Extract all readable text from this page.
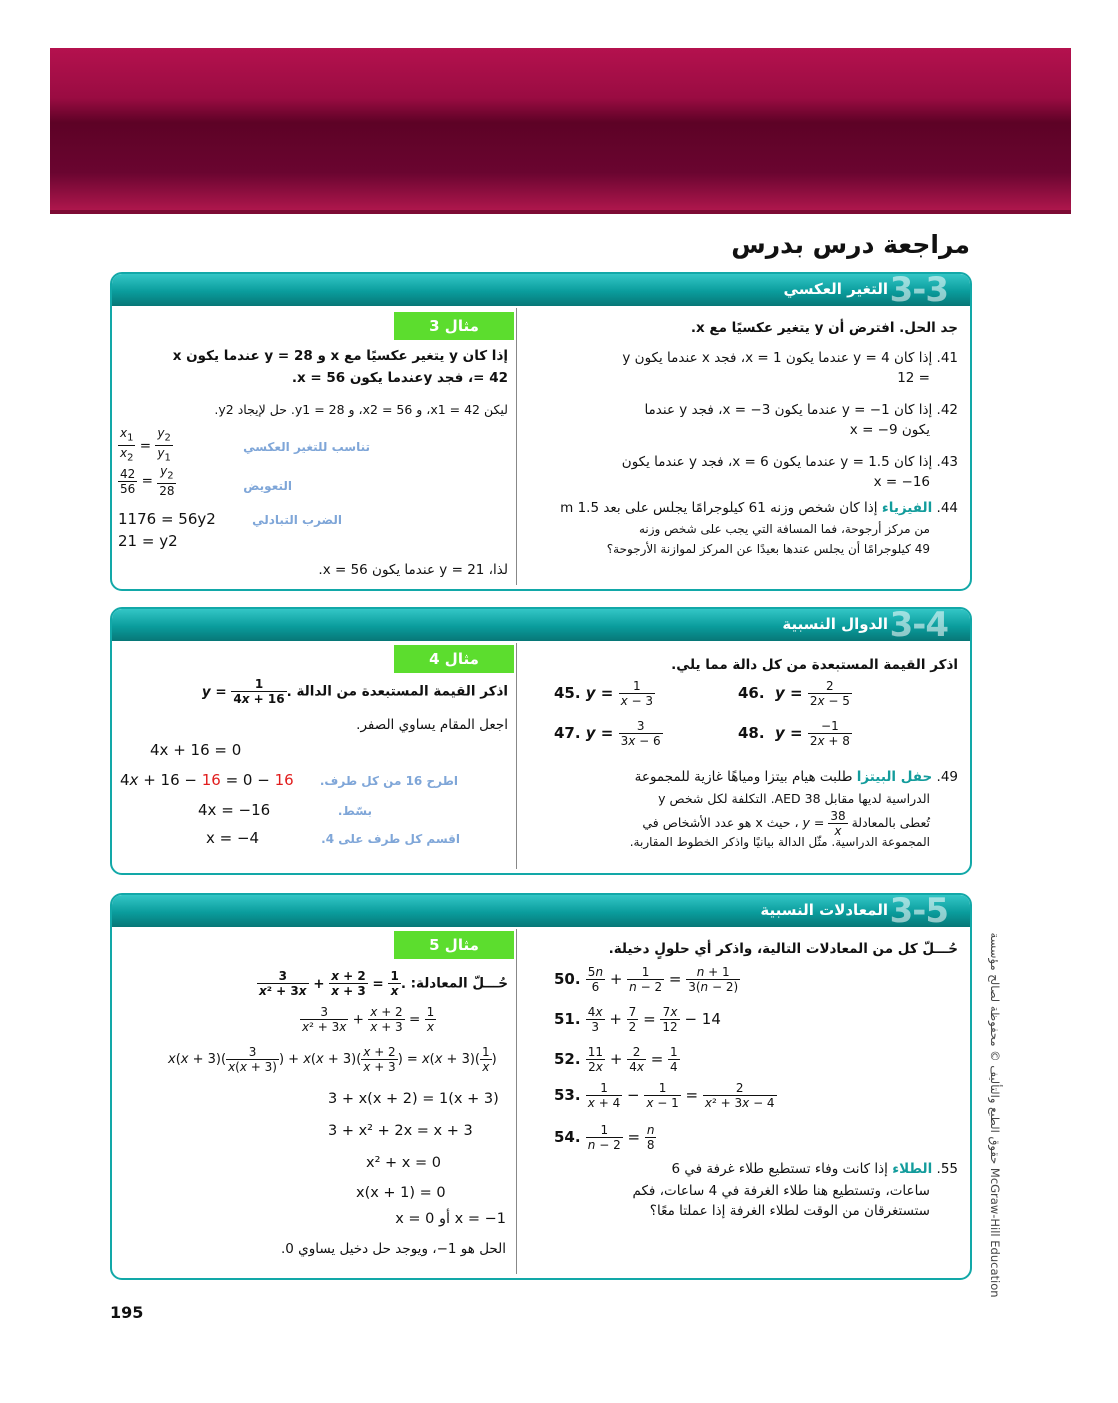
مراجعة درس بدرس
3-3
التغير العكسي
مثال 3
إذا كان y يتغير عكسيًا مع x و 28 = y عندما يكون x
42 =، فجد yعندما يكون x = 56.
ليكن 42 = x1، و 56 = x2، و 28 = y1. حل لإيجاد y2.
$\frac{x_1}{x_2} = \frac{y_2}{y_1}$	تناسب للتغير العكسي
$\frac{42}{56} = \frac{y_2}{28}$	التعويض
1176 = 56y2	الضرب التبادلي
21 = y2
لذا، 21 = y عندما يكون x = 56.
جد الحل. افترض أن y يتغير عكسيًا مع x.
41. إذا كان 4 = y عندما يكون 1 = x، فجد x عندما يكون y
= 12
42. إذا كان 1− = y عندما يكون 3− = x، فجد y عندما
يكون 9− = x
43. إذا كان 1.5 = y عندما يكون 6 = x، فجد y عندما يكون
x = −16
44. الفيزياء إذا كان شخص وزنه 61 كيلوجرامًا يجلس على بعد 1.5 m
من مركز أرجوحة، فما المسافة التي يجب على شخص وزنه
49 كيلوجرامًا أن يجلس عندها بعيدًا عن المركز لموازنة الأرجوحة؟
3-4
الدوال النسبية
مثال 4
اذكر القيمة المستبعدة من الدالة $y = \frac{1}{4x + 16}$ .
اجعل المقام يساوي الصفر.
4x + 16 = 0
4x + 16 − 16 = 0 − 16 اطرح 16 من كل طرف.
4x = −16	بسّط.
x = −4	اقسم كل طرف على 4.
اذكر القيمة المستبعدة من كل دالة مما يلي.
45. $y = \frac{1}{x - 3}$	46.  $y = \frac{2}{2x - 5}$
47. $y = \frac{3}{3x - 6}$	48.  $y = \frac{-1}{2x + 8}$
49. حفل البيتزا طلبت هيام بيتزا ومياهًا غازية للمجموعة
الدراسية لديها مقابل 38 AED. التكلفة لكل شخص y
تُعطى بالمعادلة $y = \frac{38}{x}$
، حيث x هو عدد الأشخاص في
المجموعة الدراسية. مثّل الدالة بيانيًا واذكر الخطوط المقاربة.
3-5
المعادلات النسبية
مثال 5
حُـــلّ المعادلة:
$\frac{3}{\text{x² + 3x}} + \frac{x + 2}{x + 3} = \frac{1}{x}$ .
$\frac{3}{\text{x² + 3x}} + \frac{x + 2}{x + 3} = \frac{1}{x}$
$x(x + 3)( \frac{3}{x(x + 3)}$ ) + $x(x + 3)( \frac{x + 2}{x + 3}$ ) = $x(x + 3)( \frac{1}{x}$ )
3 + x(x + 2) = 1(x + 3)
3 + x² + 2x = x + 3
x² + x = 0
x(x + 1) = 0
x = −1 أو x = 0
الحل هو 1−، ويوجد حل دخيل يساوي 0.
حُـــلّ كل من المعادلات التالية، واذكر أي حلولٍ دخيلة.
50. $\frac{5n}{6} + \frac{1}{n - 2} = \frac{n + 1}{3(n - 2)}$
51. $\frac{4x}{3} + \frac{7}{2} = \frac{7x}{12} - 14$
52. $\frac{11}{2x} + \frac{2}{4x} = \frac{1}{4}$
53. $\frac{1}{x + 4} - \frac{1}{x - 1} = \frac{2}{\text{x² + 3x − 4}}$
54. $\frac{1}{n - 2} = \frac{n}{8}$
55. الطلاء إذا كانت وفاء تستطيع طلاء غرفة في 6
ساعات، وتستطيع هنا طلاء الغرفة في 4 ساعات، فكم
ستستغرقان من الوقت لطلاء الغرفة إذا عملتا معًا؟
حقوق الطبع والتأليف © محفوظة لصالح مؤسسة McGraw-Hill Education
195
